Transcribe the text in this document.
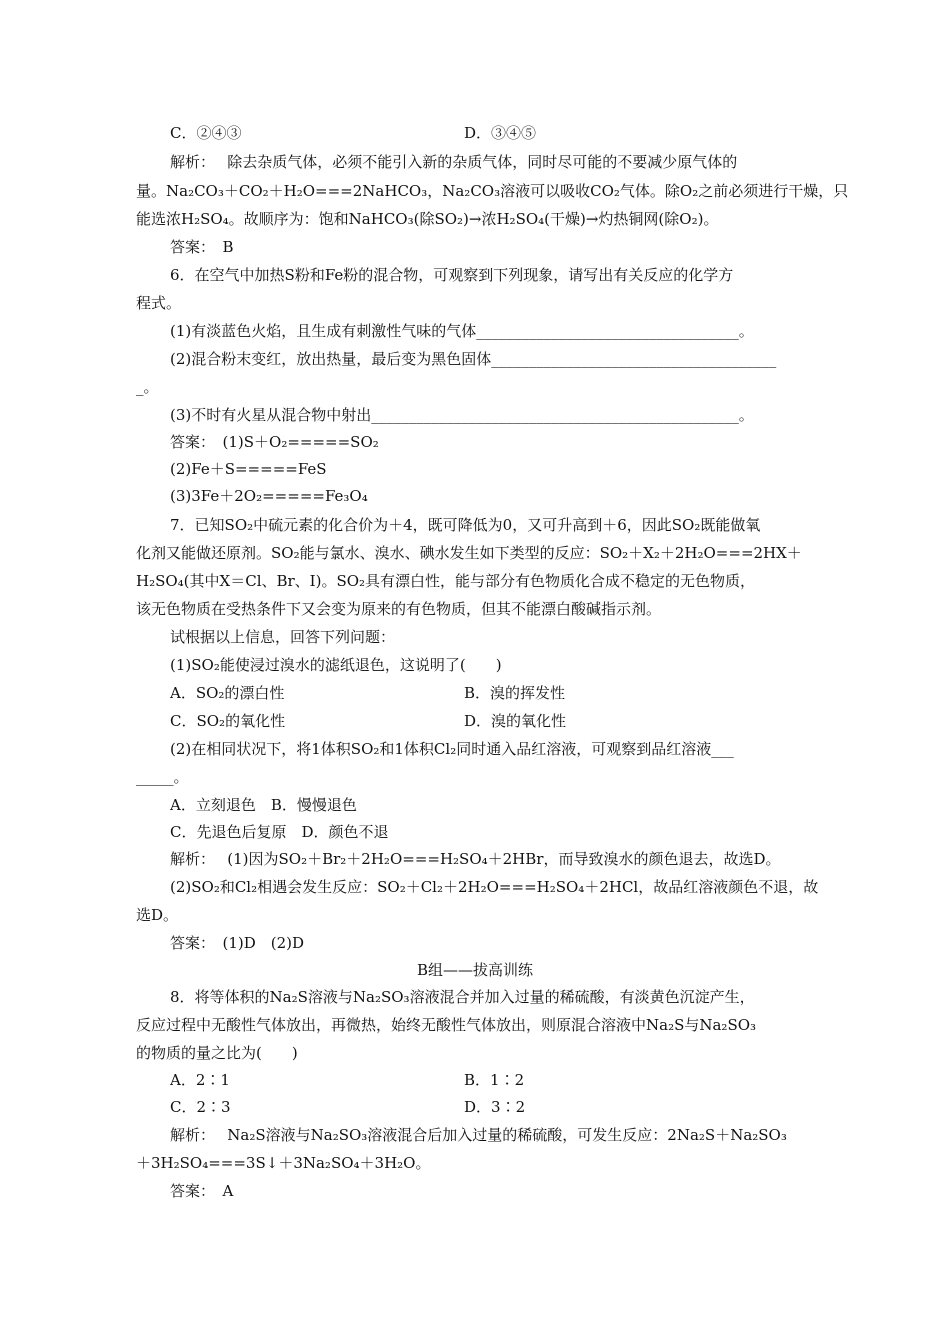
C．②④③	D．③④⑤
解析：　 除去杂质气体，必须不能引入新的杂质气体，同时尽可能的不要减少原气体的
量。Na₂CO₃＋CO₂＋H₂O===2NaHCO₃，Na₂CO₃溶液可以吸收CO₂气体。除O₂之前必须进行干燥，只
能选浓H₂SO₄。故顺序为：饱和NaHCO₃(除SO₂)→浓H₂SO₄(干燥)→灼热铜网(除O₂)。
答案：　B
6．在空气中加热S粉和Fe粉的混合物，可观察到下列现象，请写出有关反应的化学方
程式。
(1)有淡蓝色火焰，且生成有刺激性气味的气体___________________________________。
(2)混合粉末变红，放出热量，最后变为黑色固体______________________________________
_。
(3)不时有火星从混合物中射出_________________________________________________。
答案：　(1)S＋O₂=====SO₂
(2)Fe＋S=====FeS
(3)3Fe＋2O₂=====Fe₃O₄
7．已知SO₂中硫元素的化合价为＋4，既可降低为0，又可升高到＋6，因此SO₂既能做氧
化剂又能做还原剂。SO₂能与氯水、溴水、碘水发生如下类型的反应：SO₂＋X₂＋2H₂O===2HX＋
H₂SO₄(其中X＝Cl、Br、I)。SO₂具有漂白性，能与部分有色物质化合成不稳定的无色物质，
该无色物质在受热条件下又会变为原来的有色物质，但其不能漂白酸碱指示剂。
试根据以上信息，回答下列问题：
(1)SO₂能使浸过溴水的滤纸退色，这说明了(　　)
A．SO₂的漂白性	B．溴的挥发性
C．SO₂的氧化性	D．溴的氧化性
(2)在相同状况下，将1体积SO₂和1体积Cl₂同时通入品红溶液，可观察到品红溶液___
_____。
A．立刻退色　B．慢慢退色
C．先退色后复原　D．颜色不退
解析：　 (1)因为SO₂＋Br₂＋2H₂O===H₂SO₄＋2HBr，而导致溴水的颜色退去，故选D。
(2)SO₂和Cl₂相遇会发生反应：SO₂＋Cl₂＋2H₂O===H₂SO₄＋2HCl，故品红溶液颜色不退，故
选D。
答案：　(1)D　(2)D
B组——拔高训练
8．将等体积的Na₂S溶液与Na₂SO₃溶液混合并加入过量的稀硫酸，有淡黄色沉淀产生，
反应过程中无酸性气体放出，再微热，始终无酸性气体放出，则原混合溶液中Na₂S与Na₂SO₃
的物质的量之比为(　　)
A．2∶1	B．1∶2
C．2∶3	D．3∶2
解析：　 Na₂S溶液与Na₂SO₃溶液混合后加入过量的稀硫酸，可发生反应：2Na₂S＋Na₂SO₃
＋3H₂SO₄===3S↓＋3Na₂SO₄＋3H₂O。
答案：　A
